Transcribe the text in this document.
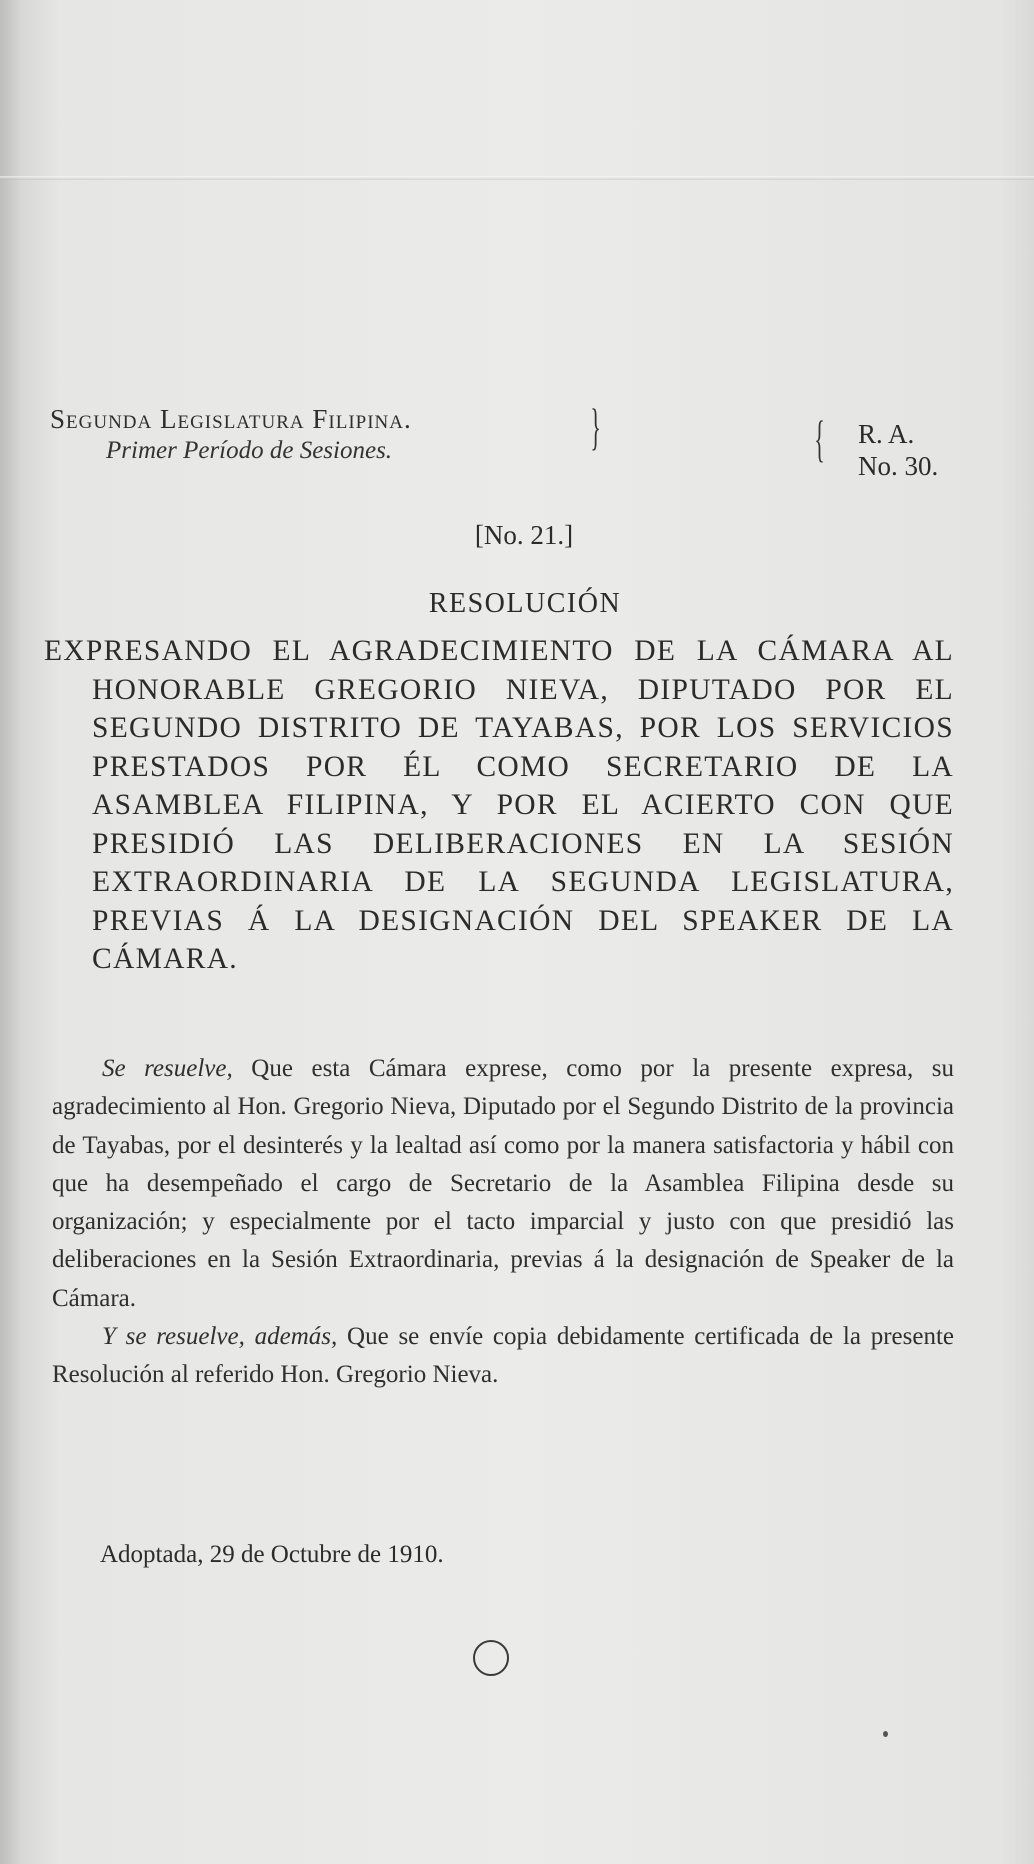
Segunda Legislatura Filipina.
Primer Período de Sesiones.	}	{ R. A.
No. 30.
[No. 21.]
RESOLUCIÓN
EXPRESANDO EL AGRADECIMIENTO DE LA CÁMARA AL HONORABLE GREGORIO NIEVA, DIPUTADO POR EL SEGUNDO DISTRITO DE TAYABAS, POR LOS SERVICIOS PRESTADOS POR ÉL COMO SECRETARIO DE LA ASAMBLEA FILIPINA, Y POR EL ACIERTO CON QUE PRESIDIÓ LAS DELIBERACIONES EN LA SESIÓN EXTRAORDINARIA DE LA SEGUNDA LEGISLATURA, PREVIAS Á LA DESIGNACIÓN DEL SPEAKER DE LA CÁMARA.

Se resuelve, Que esta Cámara exprese, como por la presente expresa, su agradecimiento al Hon. Gregorio Nieva, Diputado por el Segundo Distrito de la provincia de Tayabas, por el desinterés y la lealtad así como por la manera satisfactoria y hábil con que ha desempeñado el cargo de Secretario de la Asamblea Filipina desde su organización; y especialmente por el tacto imparcial y justo con que presidió las deliberaciones en la Sesión Extraordinaria, previas á la designación de Speaker de la Cámara.

Y se resuelve, además, Que se envíe copia debidamente certificada de la presente Resolución al referido Hon. Gregorio Nieva.

Adoptada, 29 de Octubre de 1910.
